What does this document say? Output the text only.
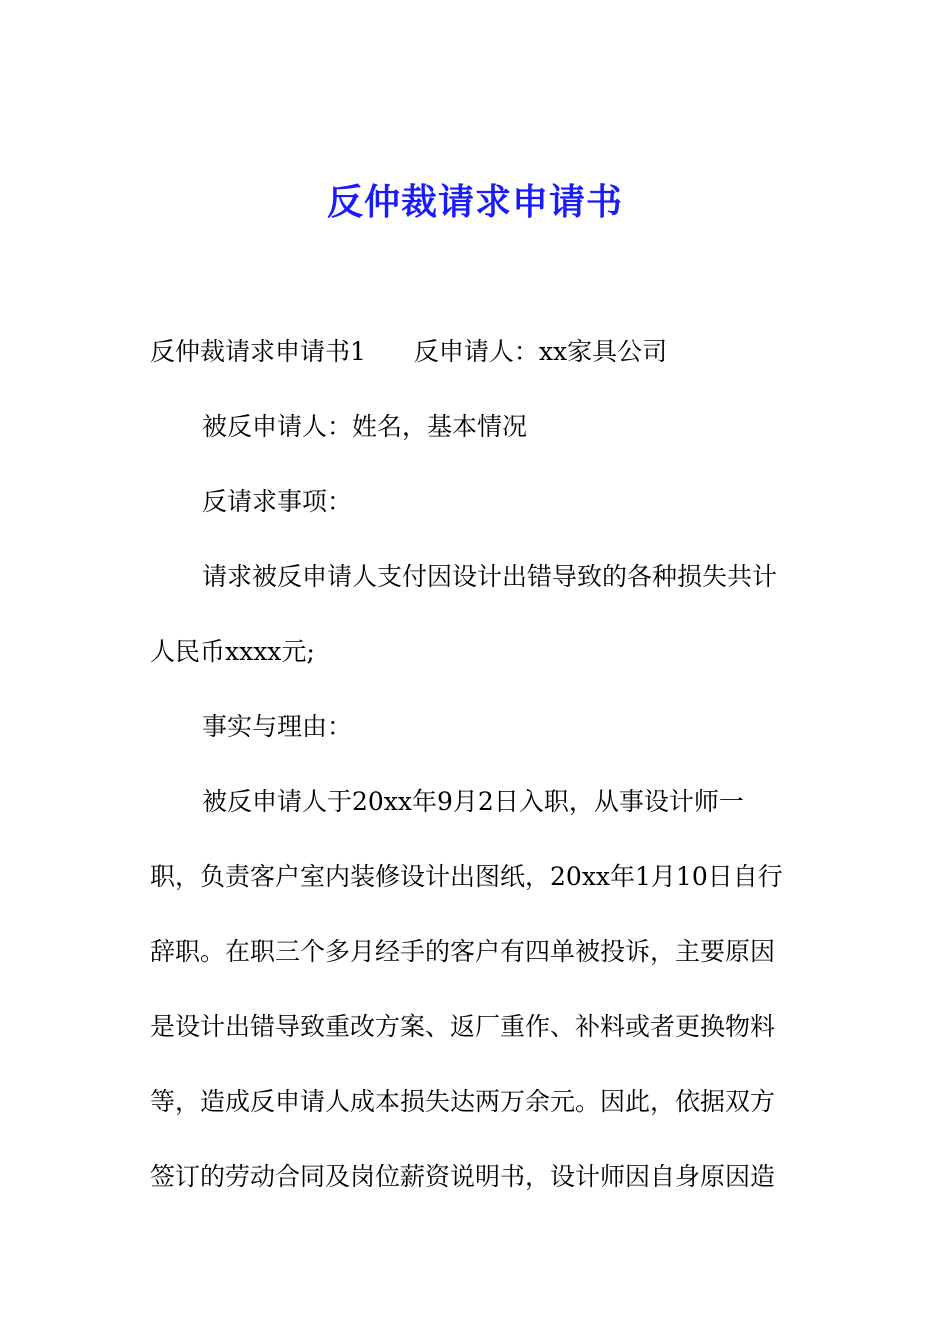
反仲裁请求申请书

反仲裁请求申请书1 反申请人：xx家具公司

被反申请人：姓名，基本情况

反请求事项：

请求被反申请人支付因设计出错导致的各种损失共计

人民币xxxx元;

事实与理由：

被反申请人于20xx年9月2日入职，从事设计师一

职，负责客户室内装修设计出图纸，20xx年1月10日自行

辞职。在职三个多月经手的客户有四单被投诉，主要原因

是设计出错导致重改方案、返厂重作、补料或者更换物料

等，造成反申请人成本损失达两万余元。因此，依据双方

签订的劳动合同及岗位薪资说明书，设计师因自身原因造
